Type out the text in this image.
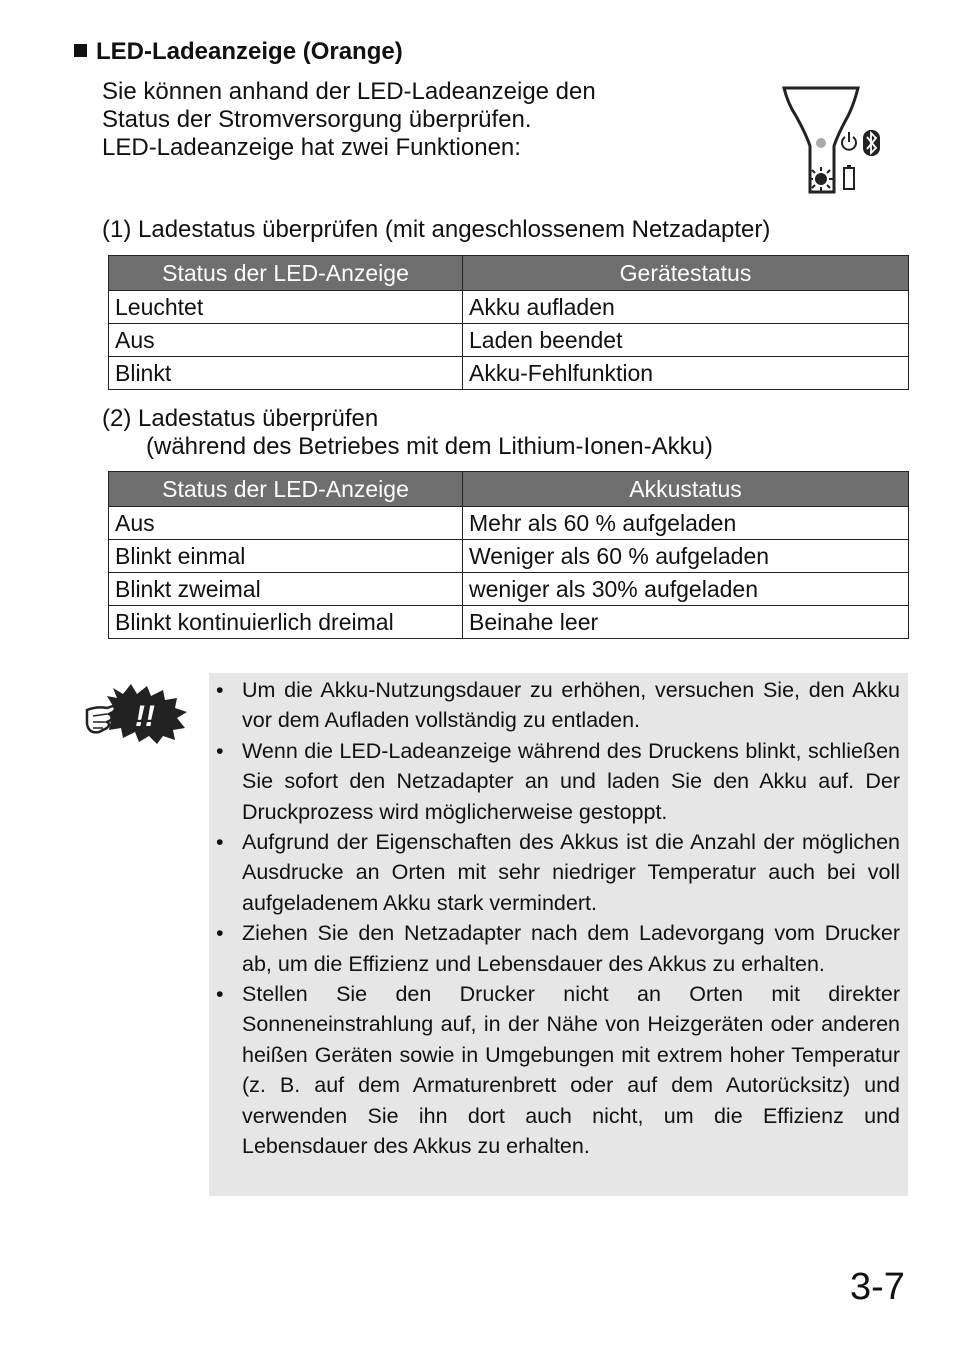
LED-Ladeanzeige (Orange)
Sie können anhand der LED-Ladeanzeige den
Status der Stromversorgung überprüfen.
LED-Ladeanzeige hat zwei Funktionen:
(1) Ladestatus überprüfen (mit angeschlossenem Netzadapter)
Status der LED-Anzeige	Gerätestatus
Leuchtet	Akku aufladen
Aus	Laden beendet
Blinkt	Akku-Fehlfunktion
(2) Ladestatus überprüfen
(während des Betriebes mit dem Lithium-Ionen-Akku)
Status der LED-Anzeige	Akkustatus
Aus	Mehr als 60 % aufgeladen
Blinkt einmal	Weniger als 60 % aufgeladen
Blinkt zweimal	weniger als 30% aufgeladen
Blinkt kontinuierlich dreimal	Beinahe leer
!!
• Um die Akku-Nutzungsdauer zu erhöhen, versuchen Sie, den Akku vor dem Aufladen vollständig zu entladen.
• Wenn die LED-Ladeanzeige während des Druckens blinkt, schließen Sie sofort den Netzadapter an und laden Sie den Akku auf. Der Druckprozess wird möglicherweise gestoppt.
• Aufgrund der Eigenschaften des Akkus ist die Anzahl der möglichen Ausdrucke an Orten mit sehr niedriger Temperatur auch bei voll aufgeladenem Akku stark vermindert.
• Ziehen Sie den Netzadapter nach dem Ladevorgang vom Drucker ab, um die Effizienz und Lebensdauer des Akkus zu erhalten.
• Stellen Sie den Drucker nicht an Orten mit direkter Sonneneinstrahlung auf, in der Nähe von Heizgeräten oder anderen heißen Geräten sowie in Umgebungen mit extrem hoher Temperatur (z. B. auf dem Armaturenbrett oder auf dem Autorücksitz) und verwenden Sie ihn dort auch nicht, um die Effizienz und Lebensdauer des Akkus zu erhalten.
3-7
